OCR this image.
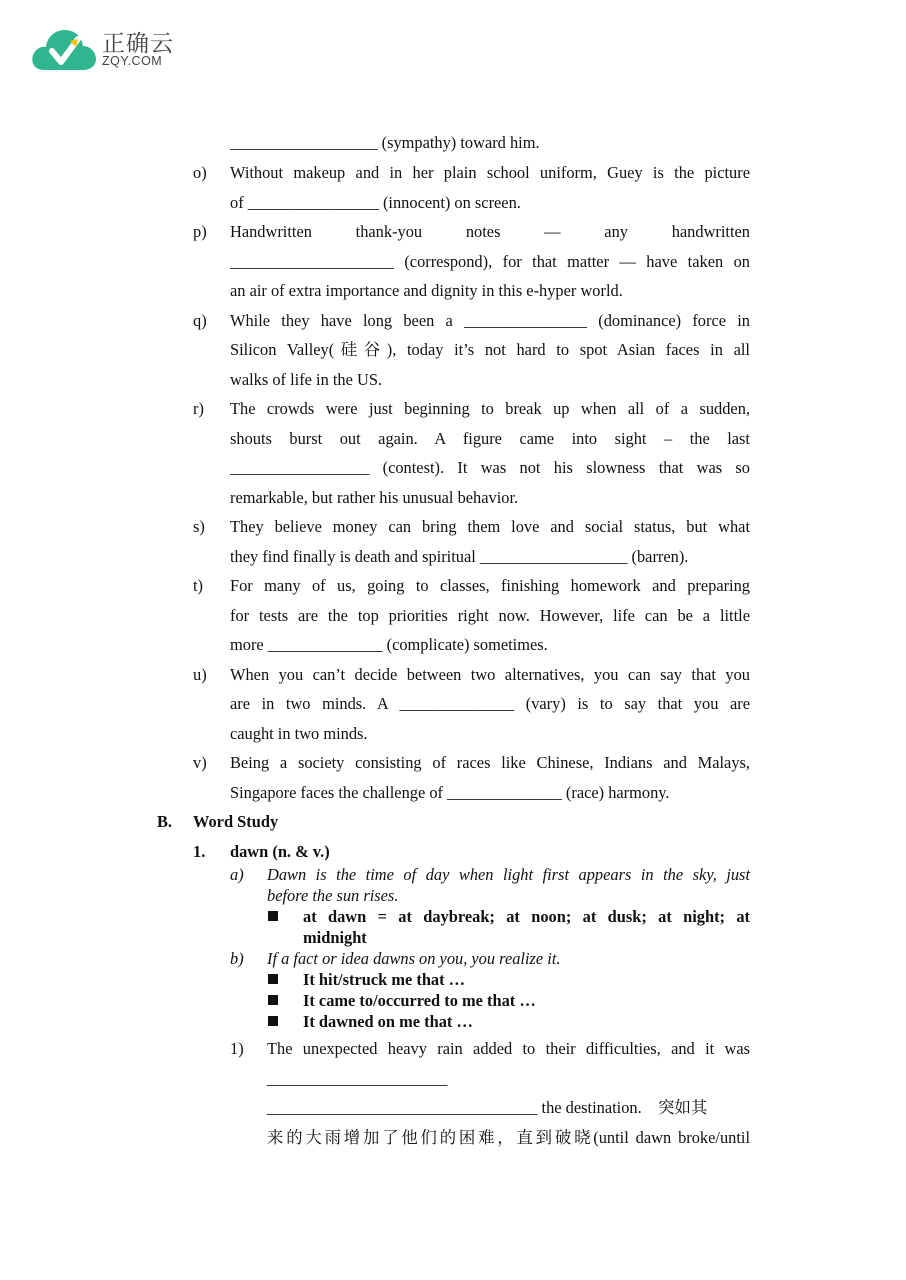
正确云
ZQY.COM
__________________ (sympathy) toward him.
o) Without makeup and in her plain school uniform, Guey is the picture
of ________________ (innocent) on screen.
p) Handwritten thank-you notes — any handwritten
____________________ (correspond), for that matter — have taken on
an air of extra importance and dignity in this e-hyper world.
q) While they have long been a _______________ (dominance) force in
Silicon Valley(硅谷), today it’s not hard to spot Asian faces in all
walks of life in the US.
r) The crowds were just beginning to break up when all of a sudden,
shouts burst out again. A figure came into sight – the last
_________________ (contest). It was not his slowness that was so
remarkable, but rather his unusual behavior.
s) They believe money can bring them love and social status, but what
they find finally is death and spiritual __________________ (barren).
t) For many of us, going to classes, finishing homework and preparing
for tests are the top priorities right now. However, life can be a little
more ______________ (complicate) sometimes.
u) When you can’t decide between two alternatives, you can say that you
are in two minds. A ______________ (vary) is to say that you are
caught in two minds.
v) Being a society consisting of races like Chinese, Indians and Malays,
Singapore faces the challenge of ______________ (race) harmony.
B. Word Study
1. dawn (n. & v.)
a) Dawn is the time of day when light first appears in the sky, just
before the sun rises.
at dawn = at daybreak; at noon; at dusk; at night; at
midnight
b) If a fact or idea dawns on you, you realize it.
It hit/struck me that …
It came to/occurred to me that …
It dawned on me that …
1) The unexpected heavy rain added to their difficulties, and it was
______________________
_________________________________ the destination.    突如其
来的大雨增加了他们的困难，直到破晓(until dawn broke/until
